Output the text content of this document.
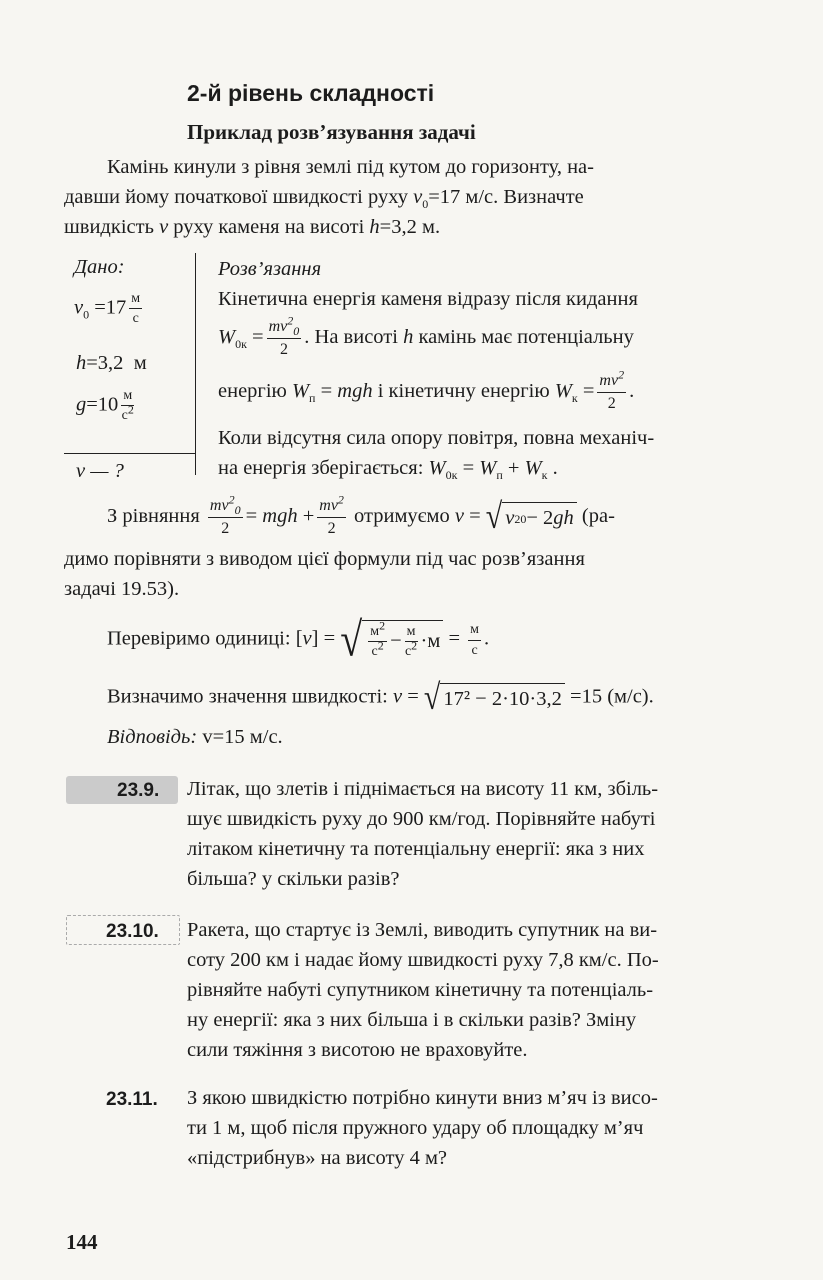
2-й рівень складності
Приклад розв’язування задачі
Камінь кинули з рівня землі під кутом до горизонту, на-
давши йому початкової швидкості руху $v_0=17$ м/с. Визначте
швидкість v руху каменя на висоті h=3,2 м.
Дано:
$v_0 =17 \frac{м}{с}$
h=3,2 м
$g=10 \frac{м}{с^2}$
v — ?
Розв’язання
Кінетична енергія каменя відразу після кидання
$W_{0к} = \frac{mv^2_0}{2}$ . На висоті h камінь має потенціальну
енергію $W_п$ = mgh і кінетичну енергію $W_к = \frac{mv^2}{2}$ .
Коли відсутня сила опору повітря, повна механіч-
на енергія зберігається: $W_{0к} = W_п + W_к$ .
З рівняння $\frac{mv^2_0}{2}$ = mgh + $\frac{mv^2}{2}$ отримуємо v = √ v 2 0 − 2 gh (ра-
димо порівняти з виводом цієї формули під час розв’язання
задачі 19.53).
Перевіримо одиниці: [v] = √ $\frac{м^2}{с^2} - \frac{м}{с^2} \cdot м = \frac{м}{с}$ .
Визначимо значення швидкості: v = √ 17² − 2·10·3,2 =15 (м/с).
Відповідь: v=15 м/с.
23.9. Літак, що злетів і піднімається на висоту 11 км, збіль-
шує швидкість руху до 900 км/год. Порівняйте набуті
літаком кінетичну та потенціальну енергії: яка з них
більша? у скільки разів?
23.10. Ракета, що стартує із Землі, виводить супутник на ви-
соту 200 км і надає йому швидкості руху 7,8 км/с. По-
рівняйте набуті супутником кінетичну та потенціаль-
ну енергії: яка з них більша і в скільки разів? Зміну
сили тяжіння з висотою не враховуйте.
23.11. З якою швидкістю потрібно кинути вниз м’яч із висо-
ти 1 м, щоб після пружного удару об площадку м’яч
«підстрибнув» на висоту 4 м?
144
